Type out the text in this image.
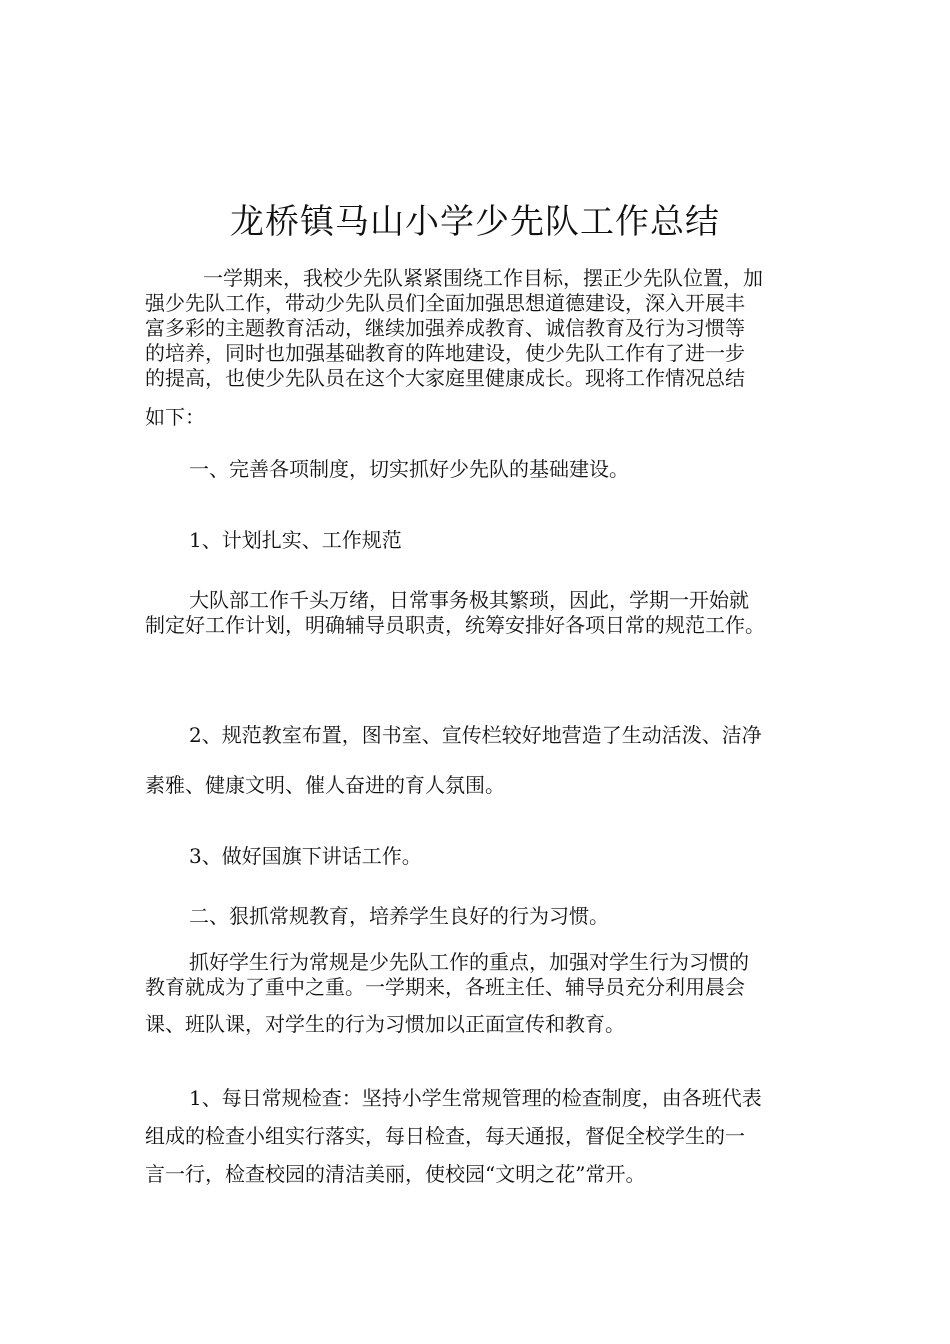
龙桥镇马山小学少先队工作总结
一学期来，我校少先队紧紧围绕工作目标，摆正少先队位置，加
强少先队工作，带动少先队员们全面加强思想道德建设，深入开展丰
富多彩的主题教育活动，继续加强养成教育、诚信教育及行为习惯等
的培养，同时也加强基础教育的阵地建设，使少先队工作有了进一步
的提高，也使少先队员在这个大家庭里健康成长。现将工作情况总结
如下：
一、完善各项制度，切实抓好少先队的基础建设。
1、计划扎实、工作规范
大队部工作千头万绪，日常事务极其繁琐，因此，学期一开始就
制定好工作计划，明确辅导员职责，统筹安排好各项日常的规范工作。
2、规范教室布置，图书室、宣传栏较好地营造了生动活泼、洁净
素雅、健康文明、催人奋进的育人氛围。
3、做好国旗下讲话工作。
二、狠抓常规教育，培养学生良好的行为习惯。
抓好学生行为常规是少先队工作的重点，加强对学生行为习惯的
教育就成为了重中之重。一学期来，各班主任、辅导员充分利用晨会
课、班队课，对学生的行为习惯加以正面宣传和教育。
1、每日常规检查：坚持小学生常规管理的检查制度，由各班代表
组成的检查小组实行落实，每日检查，每天通报，督促全校学生的一
言一行，检查校园的清洁美丽，使校园“文明之花”常开。
